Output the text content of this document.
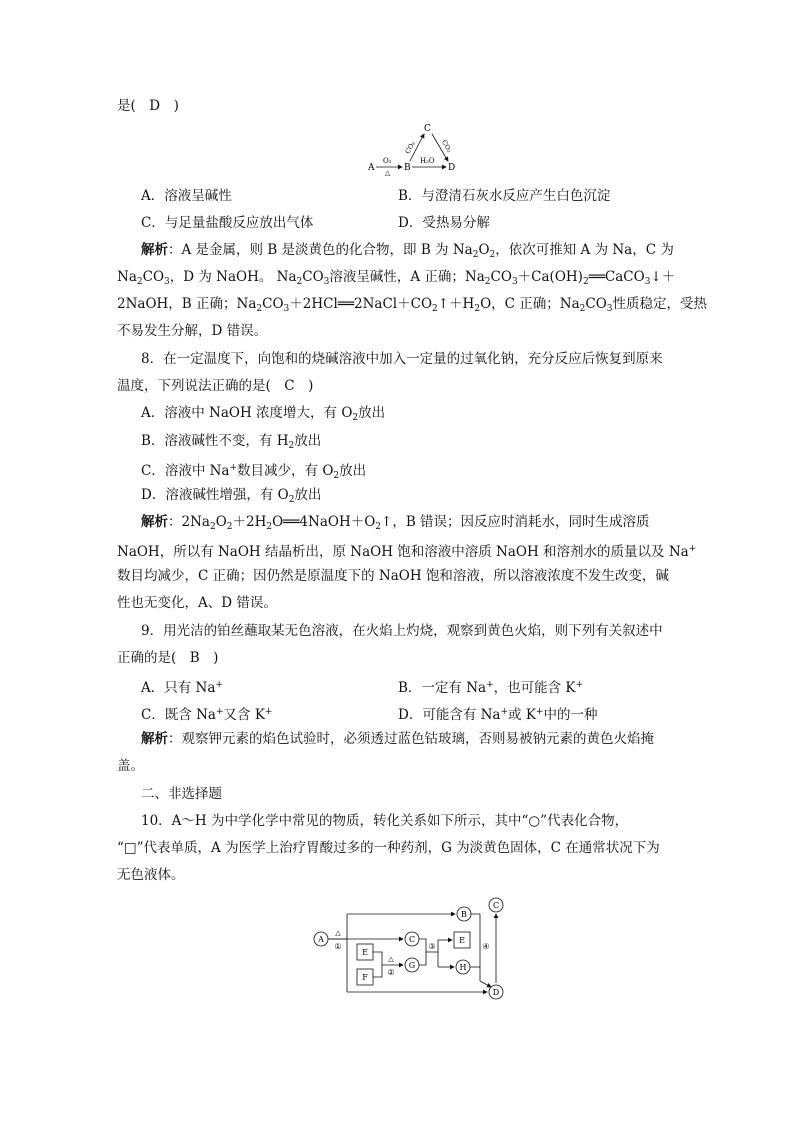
是(　D　)
A	B
C
D
O₂
△
CO₂	CO₂
H₂O
A．溶液呈碱性	B．与澄清石灰水反应产生白色沉淀
C．与足量盐酸反应放出气体	D．受热易分解
解析：A 是金属，则 B 是淡黄色的化合物，即 B 为 $Na_2O_2$，依次可推知 A 为 Na，C 为
$Na_2CO_3$，D 为 NaOH。 $Na_2CO_3$溶液呈碱性，A 正确；$Na_2CO_3+Ca(OH)_2══CaCO_3↓+$
2NaOH，B 正确；$Na_2CO_3+2HCl══2NaCl+CO_2↑+H_2O$，C 正确；$Na_2CO_3$性质稳定，受热
不易发生分解，D 错误。
8．在一定温度下，向饱和的烧碱溶液中加入一定量的过氧化钠，充分反应后恢复到原来
温度，下列说法正确的是(　C　)
A．溶液中 NaOH 浓度增大，有 $O_2$放出
B．溶液碱性不变，有 $H_2$放出
C．溶液中 Na+数目减少，有 $O_2$放出
D．溶液碱性增强，有 $O_2$放出
解析：$2Na_2O_2+2H_2O══4NaOH+O_2↑$，B 错误；因反应时消耗水，同时生成溶质
NaOH，所以有 NaOH 结晶析出，原 NaOH 饱和溶液中溶质 NaOH 和溶剂水的质量以及 Na+
数目均减少，C 正确；因仍然是原温度下的 NaOH 饱和溶液，所以溶液浓度不发生改变，碱
性也无变化，A、D 错误。
9．用光洁的铂丝蘸取某无色溶液，在火焰上灼烧，观察到黄色火焰，则下列有关叙述中
正确的是(　B　)
A．只有 Na+	B．一定有 Na+，也可能含 K+
C．既含 Na+又含 K+	D．可能含有 Na+或 K+中的一种
解析：观察钾元素的焰色试验时，必须透过蓝色钴玻璃，否则易被钠元素的黄色火焰掩
盖。
二、非选择题
10．A～H 为中学化学中常见的物质，转化关系如下所示，其中“○”代表化合物，
“□”代表单质，A 为医学上治疗胃酸过多的一种药剂，G 为淡黄色固体，C 在通常状况下为
无色液体。
A
B
C
C
G	H
D
E
F
E
△
①
△
②
③	④
